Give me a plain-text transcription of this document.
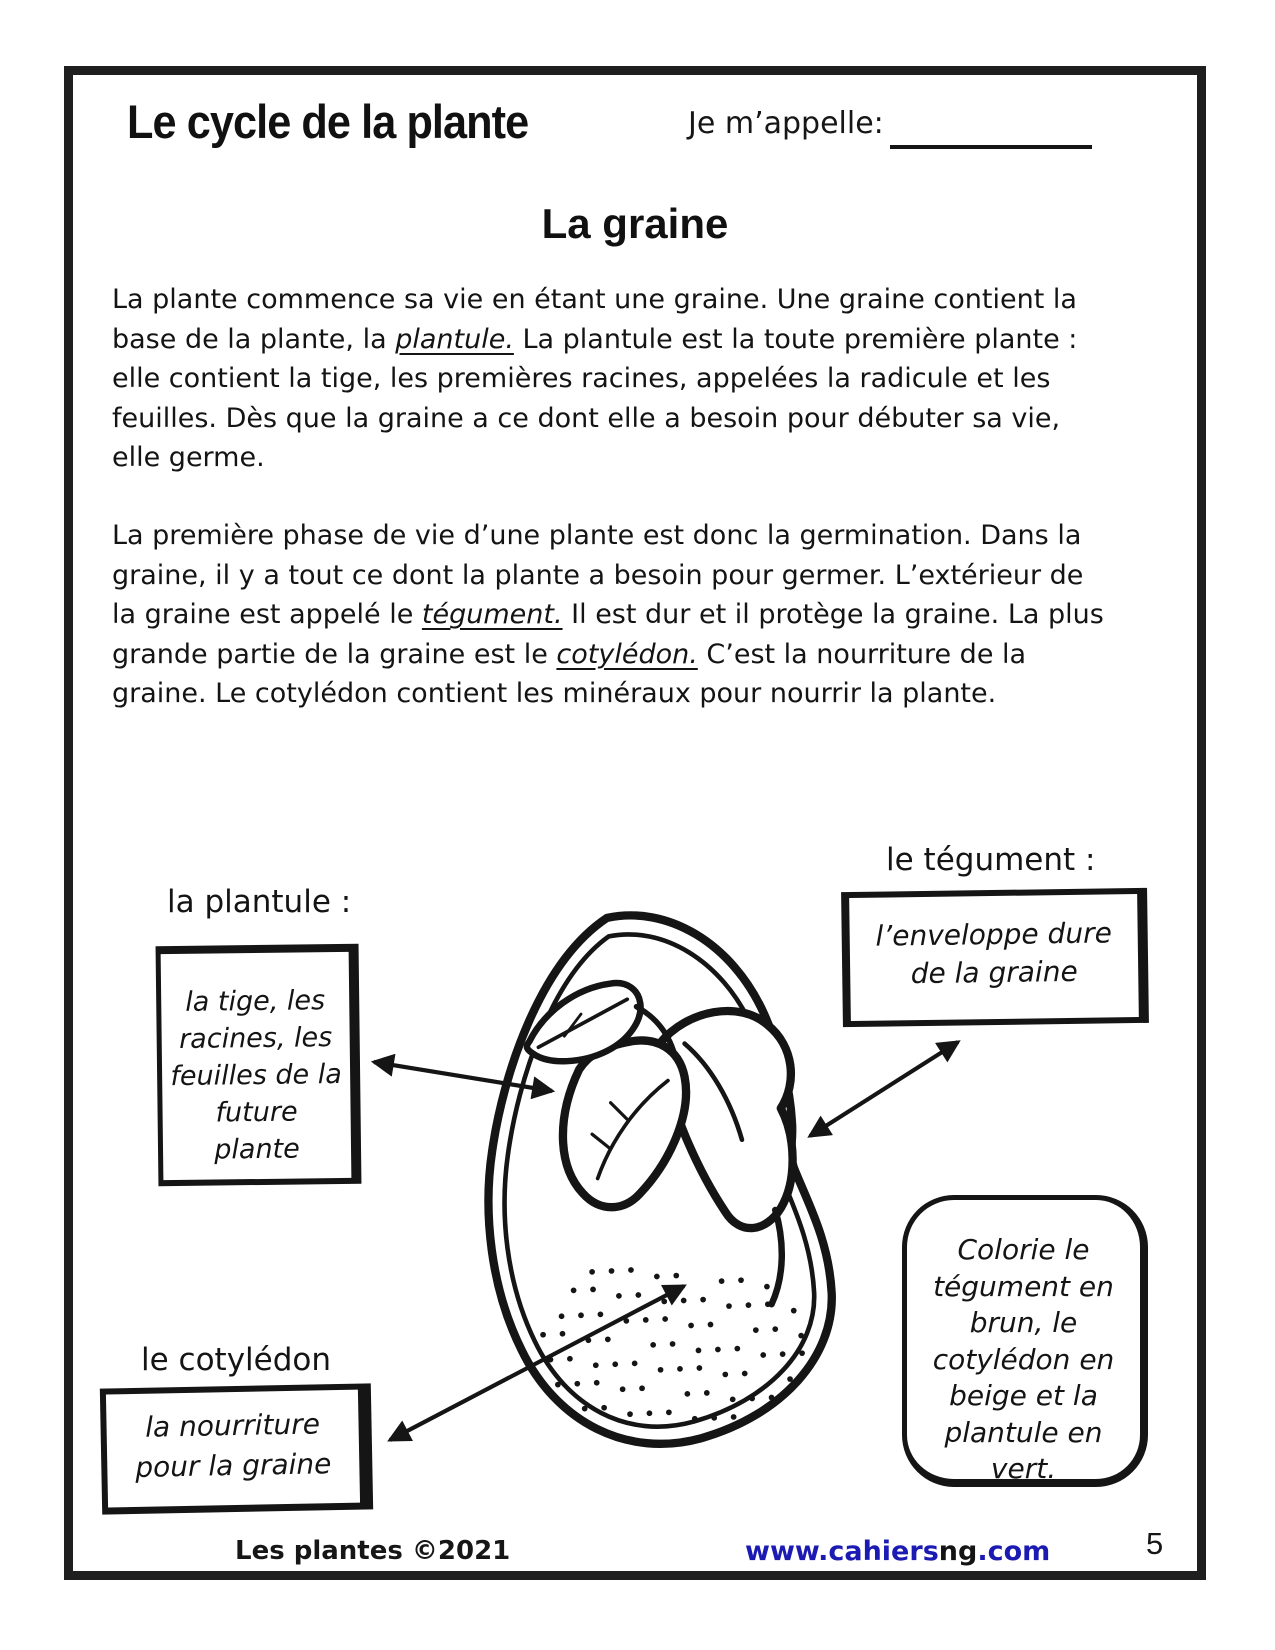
Le cycle de la plante	Je m’appelle:
La graine
La plante commence sa vie en étant une graine. Une graine contient la base de la plante, la plantule. La plantule est la toute première plante : elle contient la tige, les premières racines, appelées la radicule et les feuilles. Dès que la graine a ce dont elle a besoin pour débuter sa vie, elle germe.
La première phase de vie d’une plante est donc la germination. Dans la graine, il y a tout ce dont la plante a besoin pour germer. L’extérieur de la graine est appelé le tégument. Il est dur et il protège la graine. La plus grande partie de la graine est le cotylédon. C’est la nourriture de la graine. Le cotylédon contient les minéraux pour nourrir la plante.
la plantule :
le tégument :
le cotylédon
la tige, les racines, les feuilles de la future plante
l’enveloppe dure de la graine
la nourriture pour la graine
Colorie le tégument en brun, le cotylédon en beige et la plantule en vert.
Les plantes ©2021	www.cahiersng.com	5
